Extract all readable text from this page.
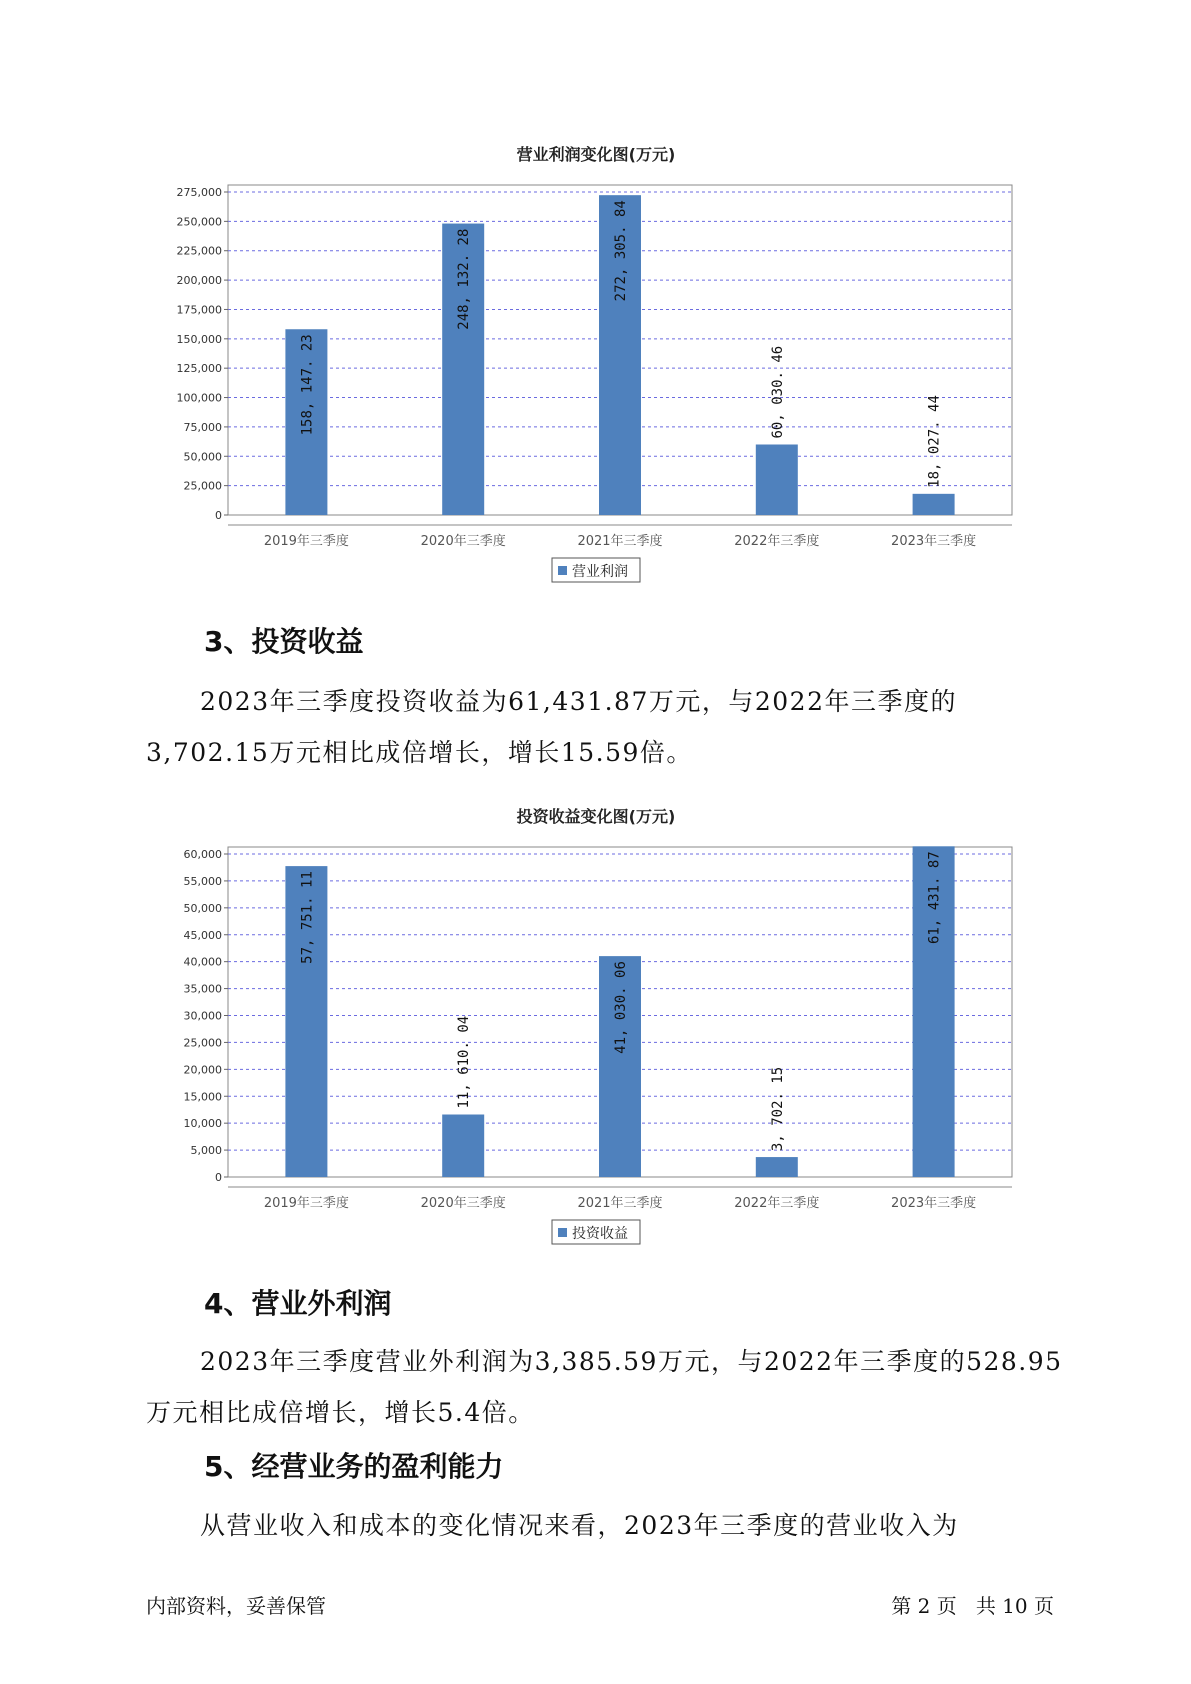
营业利润变化图(万元)
0
25,000
50,000
75,000
100,000
125,000
150,000
175,000
200,000
225,000
250,000
275,000
2019年三季度
158, 147. 23
2020年三季度
248, 132. 28
2021年三季度
272, 305. 84
2022年三季度
60, 030. 46
2023年三季度
18, 027. 44
营业利润
3、投资收益

2023年三季度投资收益为61,431.87万元，与2022年三季度的3,702.15万元相比成倍增长，增长15.59倍。

投资收益变化图(万元)
0
5,000
10,000
15,000
20,000
25,000
30,000
35,000
40,000
45,000
50,000
55,000
60,000
2019年三季度
57, 751. 11
2020年三季度
11, 610. 04
2021年三季度
41, 030. 06
2022年三季度
3, 702. 15
2023年三季度
61, 431. 87
投资收益
4、营业外利润

2023年三季度营业外利润为3,385.59万元，与2022年三季度的528.95万元相比成倍增长，增长5.4倍。

5、经营业务的盈利能力

从营业收入和成本的变化情况来看，2023年三季度的营业收入为

内部资料，妥善保管	第 2 页   共 10 页
